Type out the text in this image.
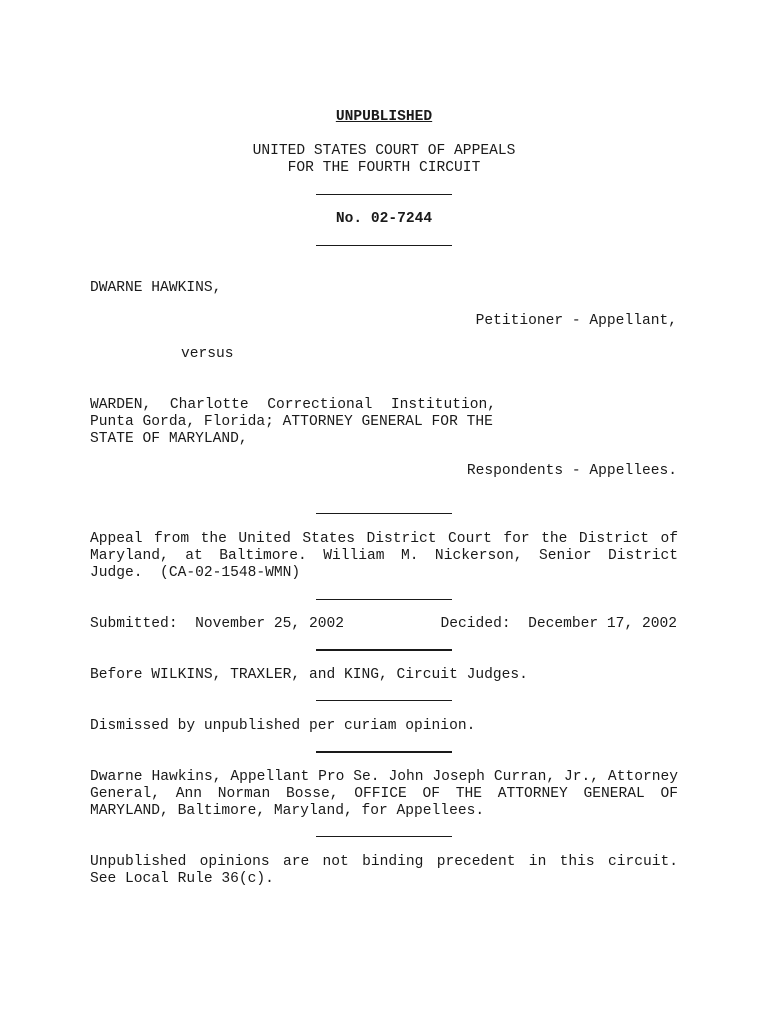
UNPUBLISHED
UNITED STATES COURT OF APPEALS
FOR THE FOURTH CIRCUIT
No. 02-7244
DWARNE HAWKINS,
Petitioner - Appellant,
versus
WARDEN, Charlotte Correctional Institution,
Punta Gorda, Florida; ATTORNEY GENERAL FOR THE
STATE OF MARYLAND,
Respondents - Appellees.
Appeal from the United States District Court for the District of
Maryland, at Baltimore. William M. Nickerson, Senior District
Judge.  (CA-02-1548-WMN)
Submitted:  November 25, 2002	Decided:  December 17, 2002
Before WILKINS, TRAXLER, and KING, Circuit Judges.
Dismissed by unpublished per curiam opinion.
Dwarne Hawkins, Appellant Pro Se. John Joseph Curran, Jr., Attorney
General, Ann Norman Bosse, OFFICE OF THE ATTORNEY GENERAL OF
MARYLAND, Baltimore, Maryland, for Appellees.
Unpublished opinions are not binding precedent in this circuit.
See Local Rule 36(c).
